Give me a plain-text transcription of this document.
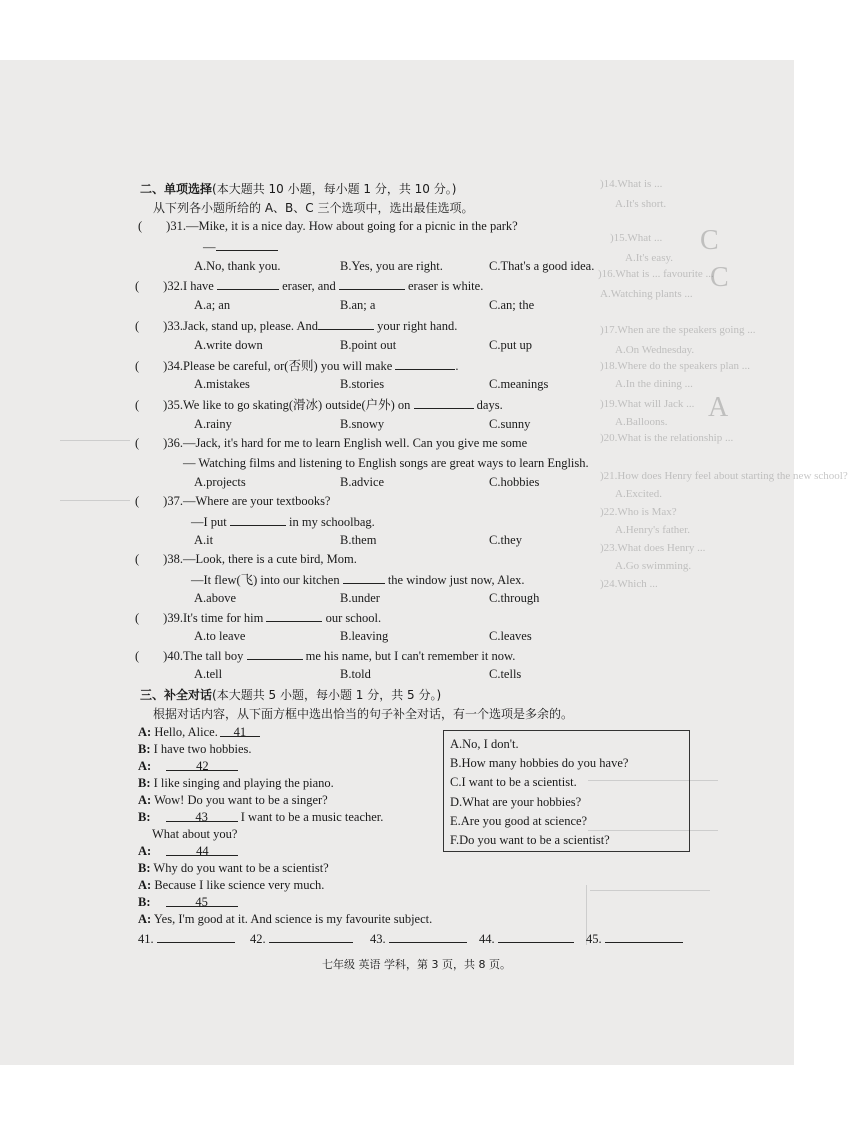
)14.What is ...
A.It's short.
)15.What ...
A.It's easy.
)16.What is ... favourite ...
A.Watching plants ...
)17.When are the speakers going ...
A.On Wednesday.
)18.Where do the speakers plan ...
A.In the dining ...
)19.What will Jack ...
A.Balloons.
)20.What is the relationship ...
)21.How does Henry feel about starting the new school?
A.Excited.
)22.Who is Max?
A.Henry's father.
)23.What does Henry ...
A.Go swimming.
)24.Which ...
C
C
A
二、单项选择(本大题共 10 小题，每小题 1 分，共 10 分。)
从下列各小题所给的 A、B、C 三个选项中，选出最佳选项。
( )31.—Mike, it is a nice day. How about going for a picnic in the park?
—
A.No, thank you.	B.Yes, you are right.	C.That's a good idea.
( )32.I have	eraser, and	eraser is white.
A.a; an	B.an; a	C.an; the
( )33.Jack, stand up, please. And	your right hand.
A.write down	B.point out	C.put up
( )34.Please be careful, or(否则) you will make	.
A.mistakes	B.stories	C.meanings
( )35.We like to go skating(滑冰) outside(户外) on	days.
A.rainy	B.snowy	C.sunny
( )36.—Jack, it's hard for me to learn English well. Can you give me some
— Watching films and listening to English songs are great ways to learn English.
A.projects	B.advice	C.hobbies
( )37.—Where are your textbooks?
—I put	in my schoolbag.
A.it	B.them	C.they
( )38.—Look, there is a cute bird, Mom.
—It flew(飞) into our kitchen	the window just now, Alex.
A.above	B.under	C.through
( )39.It's time for him	our school.
A.to leave	B.leaving	C.leaves
( )40.The tall boy	me his name, but I can't remember it now.
A.tell	B.told	C.tells
三、补全对话(本大题共 5 小题，每小题 1 分，共 5 分。)
根据对话内容，从下面方框中选出恰当的句子补全对话，有一个选项是多余的。
A: Hello, Alice. 41
B: I have two hobbies.
A:	42
B: I like singing and playing the piano.
A: Wow! Do you want to be a singer?
B:	43	I want to be a music teacher.
What about you?
A:	44
B: Why do you want to be a scientist?
A: Because I like science very much.
B:	45
A: Yes, I'm good at it. And science is my favourite subject.
A.No, I don't.
B.How many hobbies do you have?
C.I want to be a scientist.
D.What are your hobbies?
E.Are you good at science?
F.Do you want to be a scientist?
41.	42.	43.	44.	45.
七年级 英语 学科，第 3 页，共 8 页。
